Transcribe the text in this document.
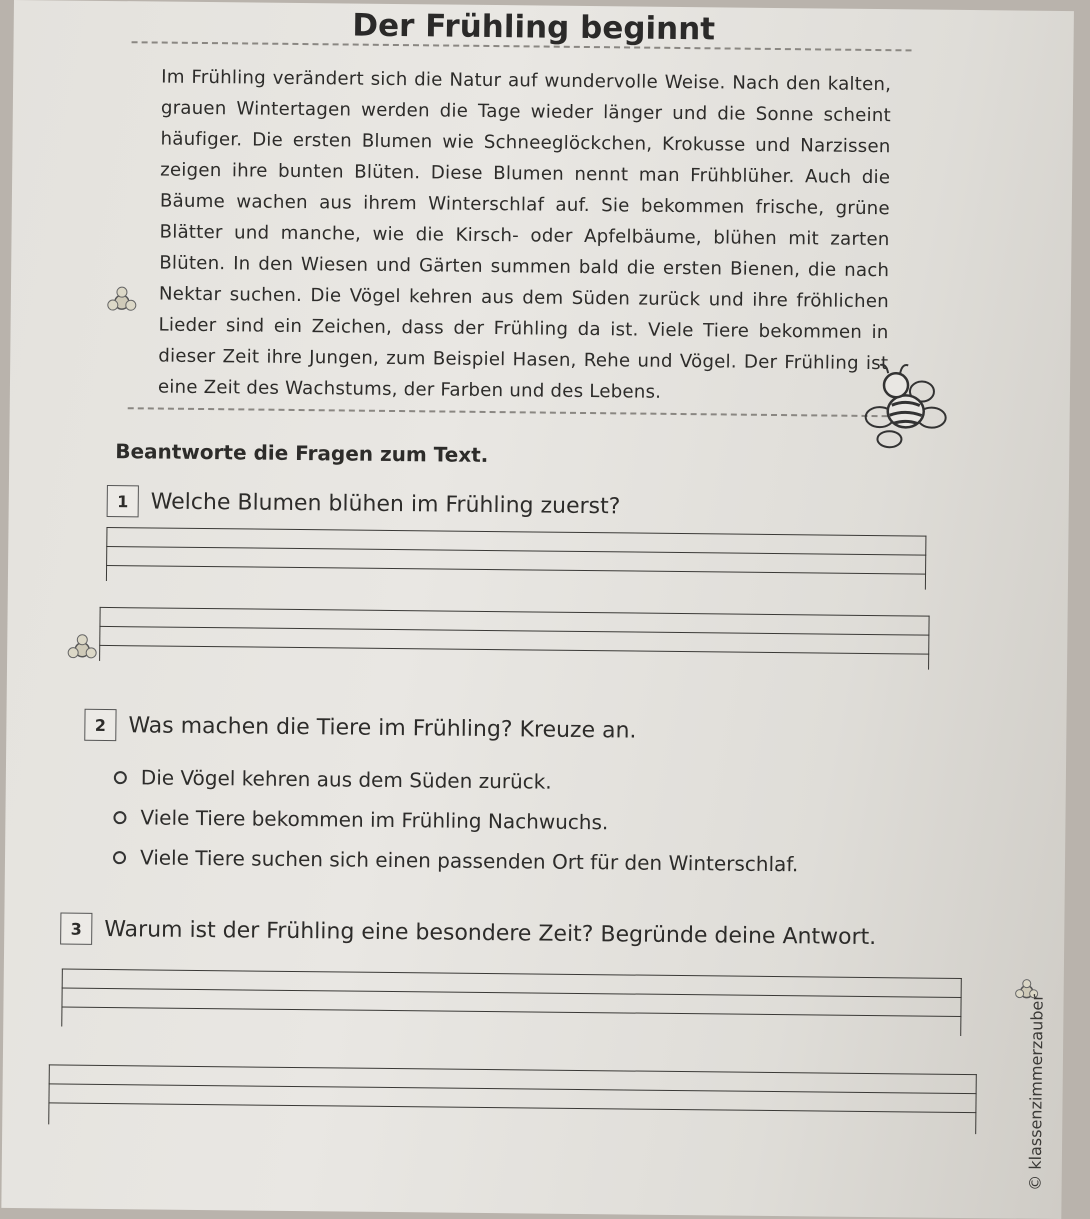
Der Frühling beginnt

Im Frühling verändert sich die Natur auf wundervolle Weise. Nach den kalten, grauen Wintertagen werden die Tage wieder länger und die Sonne scheint häufiger. Die ersten Blumen wie Schneeglöckchen, Krokusse und Narzissen zeigen ihre bunten Blüten. Diese Blumen nennt man Frühblüher. Auch die Bäume wachen aus ihrem Winterschlaf auf. Sie bekommen frische, grüne Blätter und manche, wie die Kirsch- oder Apfelbäume, blühen mit zarten Blüten. In den Wiesen und Gärten summen bald die ersten Bienen, die nach Nektar suchen. Die Vögel kehren aus dem Süden zurück und ihre fröhlichen Lieder sind ein Zeichen, dass der Frühling da ist. Viele Tiere bekommen in dieser Zeit ihre Jungen, zum Beispiel Hasen, Rehe und Vögel. Der Frühling ist eine Zeit des Wachstums, der Farben und des Lebens.

Beantworte die Fragen zum Text.
1	Welche Blumen blühen im Frühling zuerst?
2	Was machen die Tiere im Frühling? Kreuze an.
Die Vögel kehren aus dem Süden zurück.
Viele Tiere bekommen im Frühling Nachwuchs.
Viele Tiere suchen sich einen passenden Ort für den Winterschlaf.
3	Warum ist der Frühling eine besondere Zeit? Begründe deine Antwort.
© klassenzimmerzauber
